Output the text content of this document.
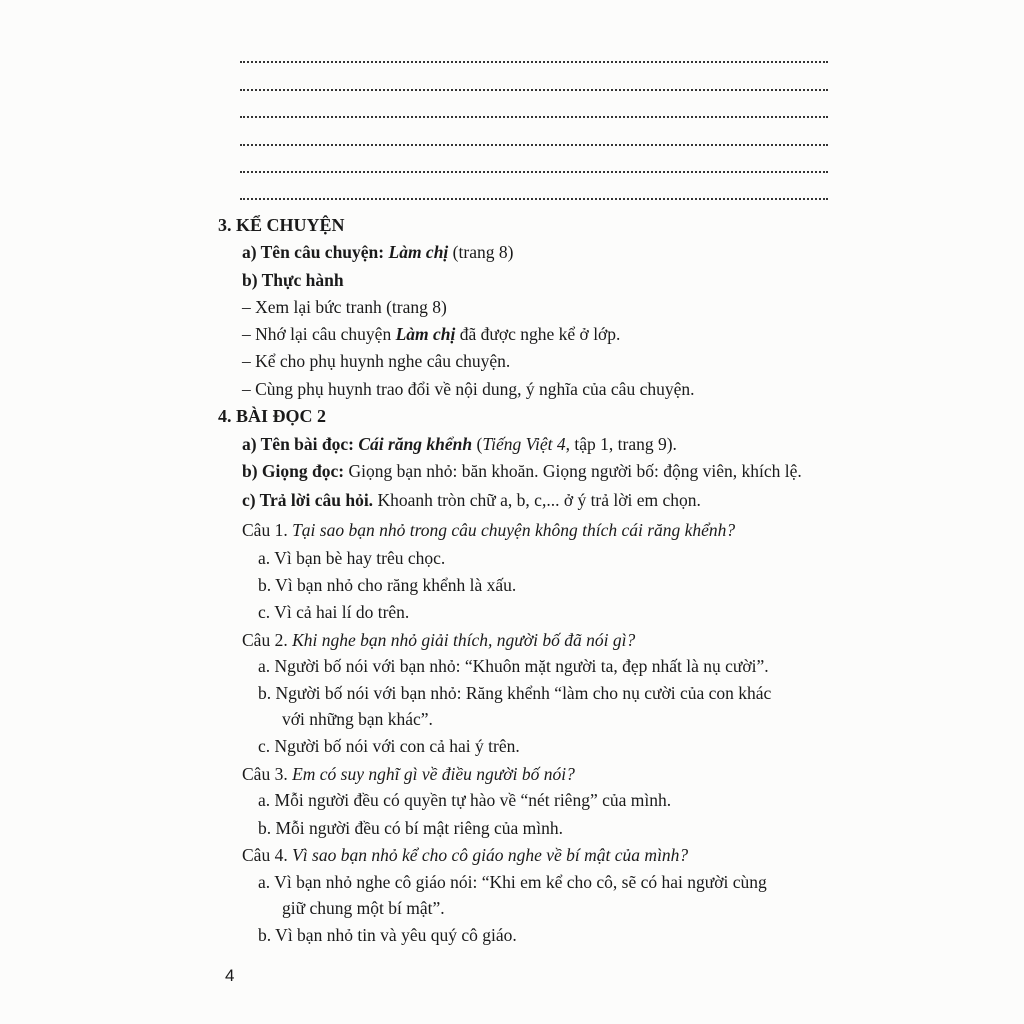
3. KỂ CHUYỆN
a) Tên câu chuyện: Làm chị (trang 8)
b) Thực hành
– Xem lại bức tranh (trang 8)
– Nhớ lại câu chuyện Làm chị đã được nghe kể ở lớp.
– Kể cho phụ huynh nghe câu chuyện.
– Cùng phụ huynh trao đổi về nội dung, ý nghĩa của câu chuyện.
4. BÀI ĐỌC 2
a) Tên bài đọc: Cái răng khểnh (Tiếng Việt 4, tập 1, trang 9).
b) Giọng đọc: Giọng bạn nhỏ: băn khoăn. Giọng người bố: động viên, khích lệ.
c) Trả lời câu hỏi. Khoanh tròn chữ a, b, c,... ở ý trả lời em chọn.
Câu 1. Tại sao bạn nhỏ trong câu chuyện không thích cái răng khểnh?
a. Vì bạn bè hay trêu chọc.
b. Vì bạn nhỏ cho răng khểnh là xấu.
c. Vì cả hai lí do trên.
Câu 2. Khi nghe bạn nhỏ giải thích, người bố đã nói gì?
a. Người bố nói với bạn nhỏ: “Khuôn mặt người ta, đẹp nhất là nụ cười”.
b. Người bố nói với bạn nhỏ: Răng khểnh “làm cho nụ cười của con khác
với những bạn khác”.
c. Người bố nói với con cả hai ý trên.
Câu 3. Em có suy nghĩ gì về điều người bố nói?
a. Mỗi người đều có quyền tự hào về “nét riêng” của mình.
b. Mỗi người đều có bí mật riêng của mình.
Câu 4. Vì sao bạn nhỏ kể cho cô giáo nghe về bí mật của mình?
a. Vì bạn nhỏ nghe cô giáo nói: “Khi em kể cho cô, sẽ có hai người cùng
giữ chung một bí mật”.
b. Vì bạn nhỏ tin và yêu quý cô giáo.
4
